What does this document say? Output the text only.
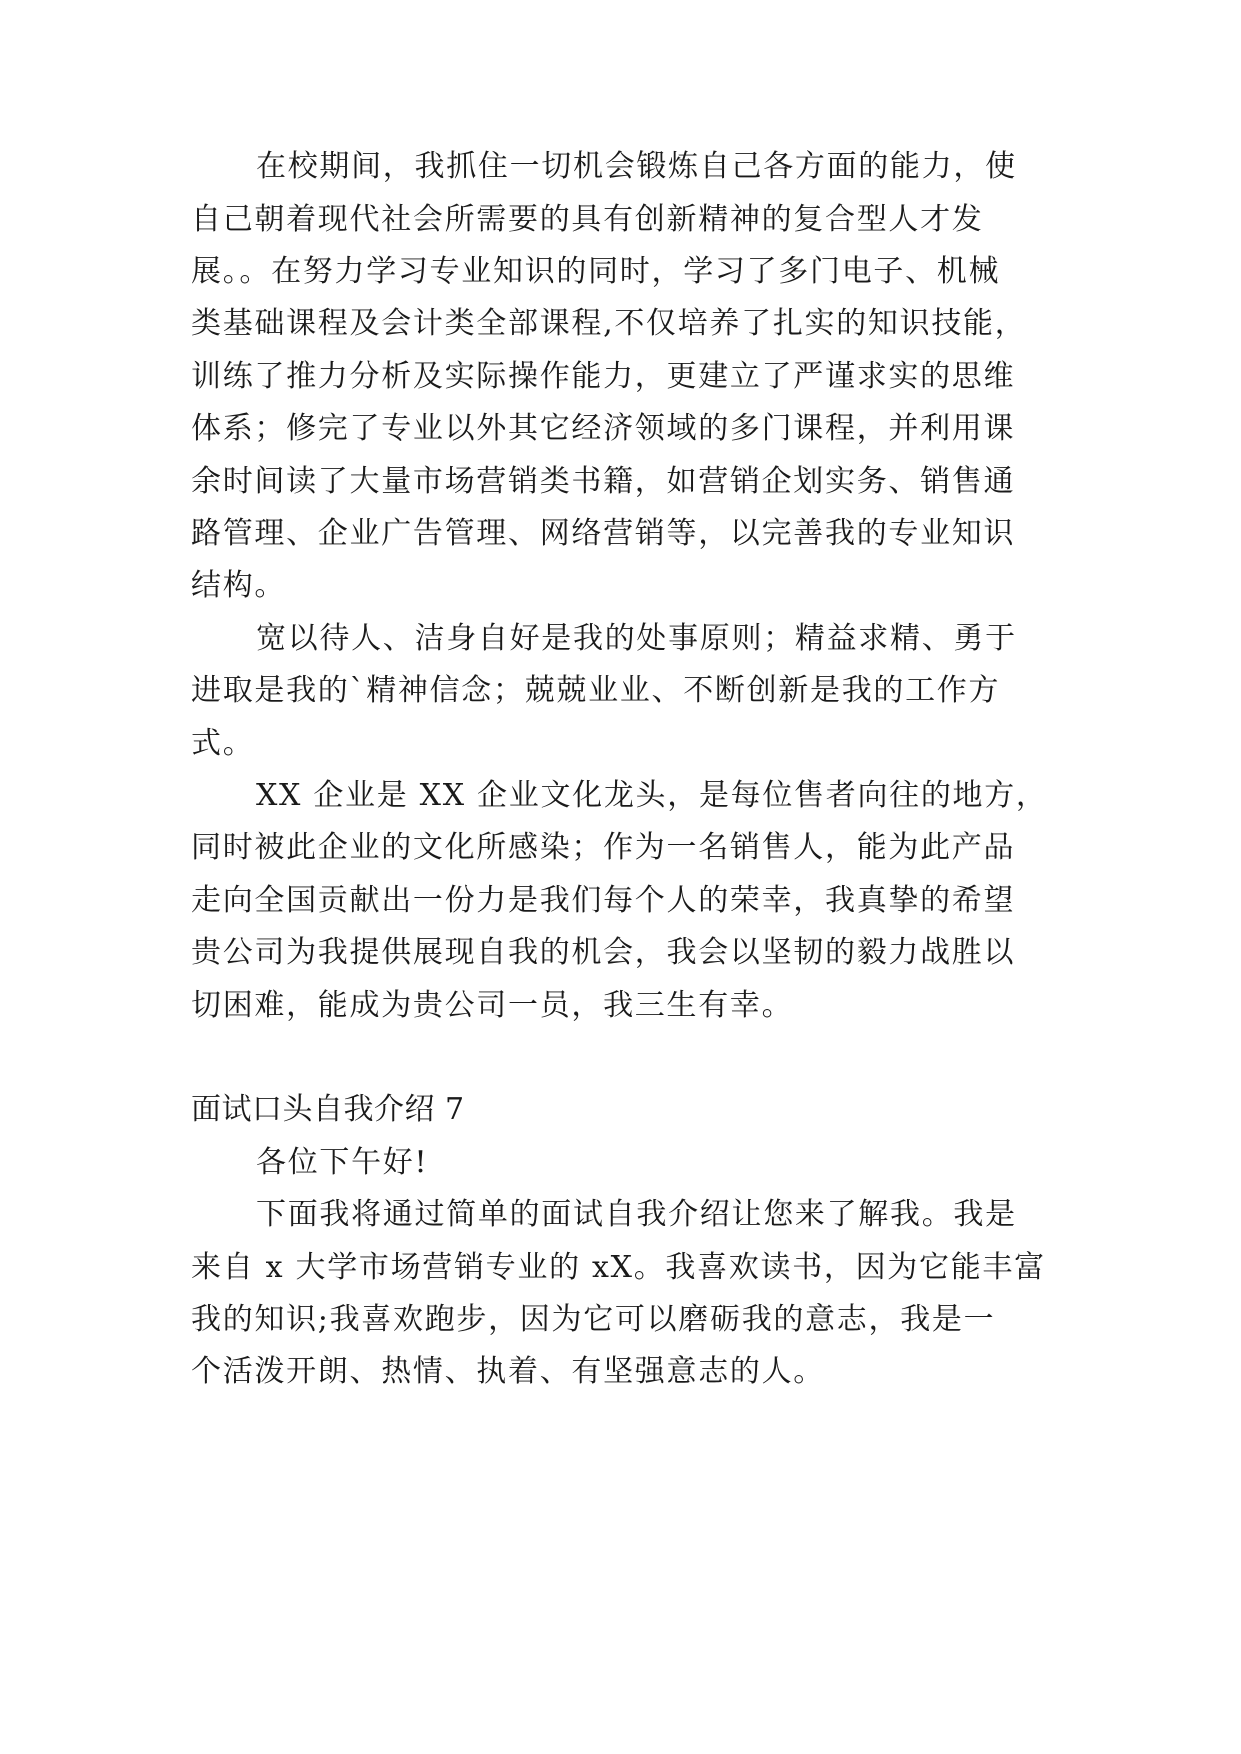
在校期间，我抓住一切机会锻炼自己各方面的能力，使
自己朝着现代社会所需要的具有创新精神的复合型人才发
展。。在努力学习专业知识的同时，学习了多门电子、机械
类基础课程及会计类全部课程,不仅培养了扎实的知识技能，
训练了推力分析及实际操作能力，更建立了严谨求实的思维
体系；修完了专业以外其它经济领域的多门课程，并利用课
余时间读了大量市场营销类书籍，如营销企划实务、销售通
路管理、企业广告管理、网络营销等，以完善我的专业知识
结构。
宽以待人、洁身自好是我的处事原则；精益求精、勇于
进取是我的`精神信念；兢兢业业、不断创新是我的工作方
式。
XX 企业是 XX 企业文化龙头，是每位售者向往的地方，
同时被此企业的文化所感染；作为一名销售人，能为此产品
走向全国贡献出一份力是我们每个人的荣幸，我真挚的希望
贵公司为我提供展现自我的机会，我会以坚韧的毅力战胜以
切困难，能成为贵公司一员，我三生有幸。
面试口头自我介绍 7
各位下午好!
下面我将通过简单的面试自我介绍让您来了解我。我是
来自 x 大学市场营销专业的 xX。我喜欢读书，因为它能丰富
我的知识;我喜欢跑步，因为它可以磨砺我的意志，我是一
个活泼开朗、热情、执着、有坚强意志的人。
